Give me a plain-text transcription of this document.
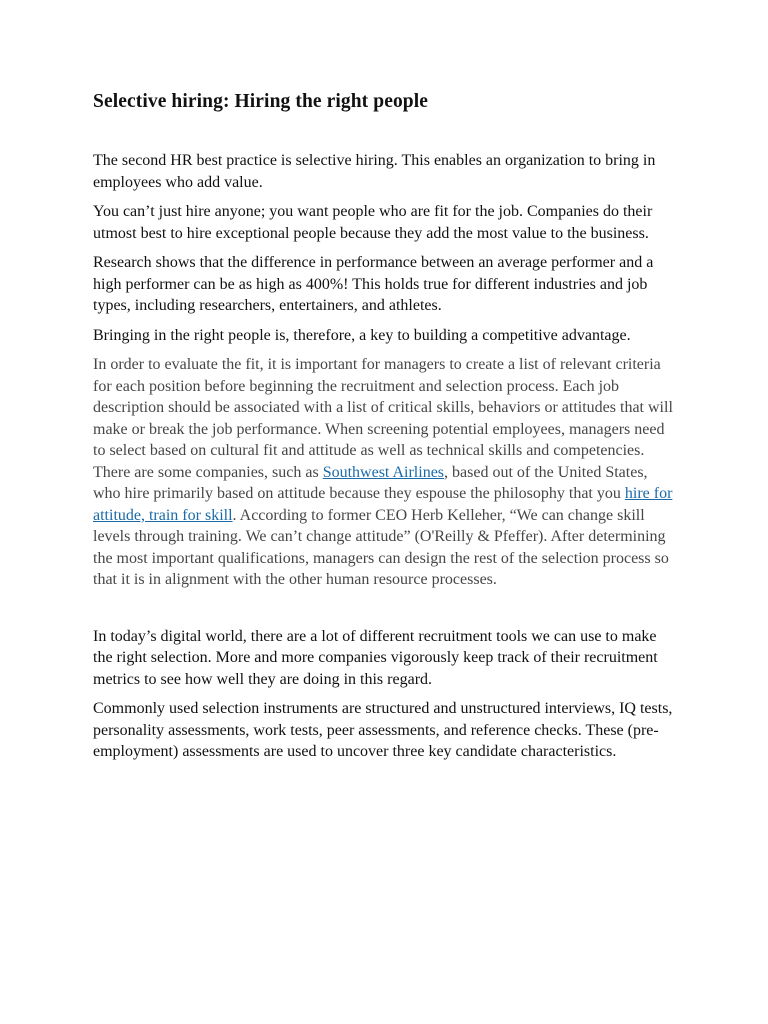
Selective hiring: Hiring the right people

The second HR best practice is selective hiring. This enables an organization to bring in employees who add value.

You can’t just hire anyone; you want people who are fit for the job. Companies do their utmost best to hire exceptional people because they add the most value to the business.

Research shows that the difference in performance between an average performer and a high performer can be as high as 400%! This holds true for different industries and job types, including researchers, entertainers, and athletes.

Bringing in the right people is, therefore, a key to building a competitive advantage.

In order to evaluate the fit, it is important for managers to create a list of relevant criteria for each position before beginning the recruitment and selection process. Each job description should be associated with a list of critical skills, behaviors or attitudes that will make or break the job performance. When screening potential employees, managers need to select based on cultural fit and attitude as well as technical skills and competencies. There are some companies, such as Southwest Airlines, based out of the United States, who hire primarily based on attitude because they espouse the philosophy that you hire for attitude, train for skill. According to former CEO Herb Kelleher, “We can change skill levels through training. We can’t change attitude” (O'Reilly & Pfeffer). After determining the most important qualifications, managers can design the rest of the selection process so that it is in alignment with the other human resource processes.

In today’s digital world, there are a lot of different recruitment tools we can use to make the right selection. More and more companies vigorously keep track of their recruitment metrics to see how well they are doing in this regard.

Commonly used selection instruments are structured and unstructured interviews, IQ tests, personality assessments, work tests, peer assessments, and reference checks. These (pre-employment) assessments are used to uncover three key candidate characteristics.
